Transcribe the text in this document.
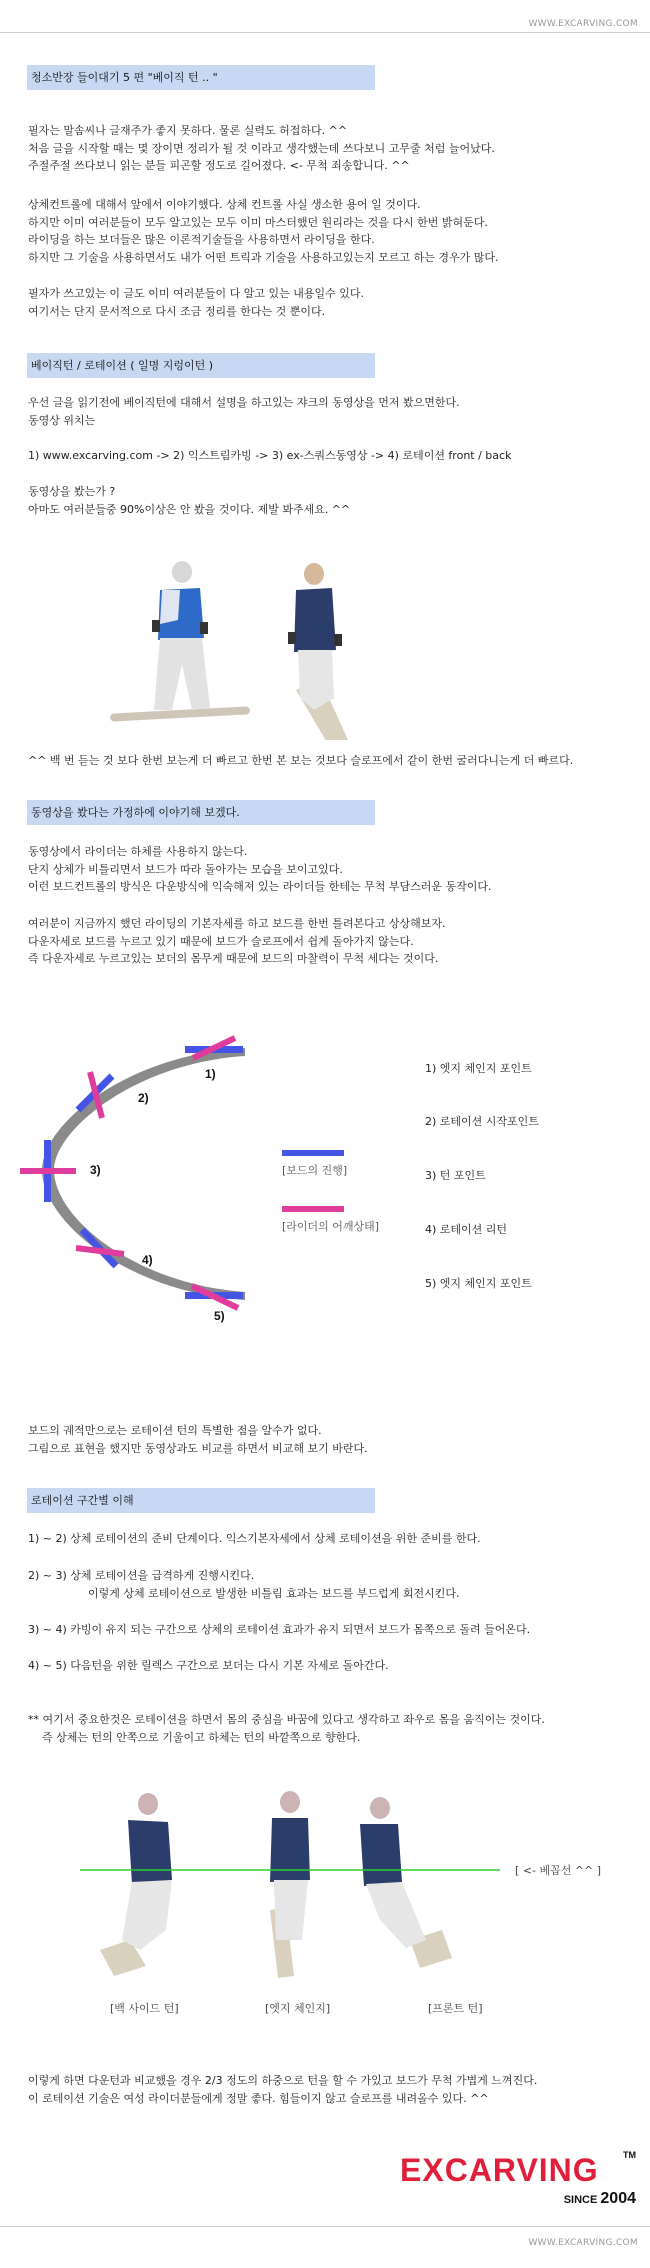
WWW.EXCARVING.COM
청소반장 들이대기 5 편 "베이직 턴 .. "
필자는 말솜씨나 글재주가 좋지 못하다. 물론 실력도 허접하다. ^^
처음 글을 시작할 때는 몇 장이면 정리가 될 것 이라고 생각했는데 쓰다보니 고무줄 처럼 늘어났다.
주절주절 쓰다보니 읽는 분들 피곤할 정도로 길어졌다. <- 무척 죄송합니다. ^^
상체컨트롤에 대해서 앞에서 이야기했다. 상체 컨트롤 사실 생소한 용어 일 것이다.
하지만 이미 여러분들이 모두 알고있는 모두 이미 마스터했던 원리라는 것을 다시 한번 밝혀둔다.
라이딩을 하는 보더들은 많은 이론적기술들을 사용하면서 라이딩을 한다.
하지만 그 기술을 사용하면서도 내가 어떤 트릭과 기술을 사용하고있는지 모르고 하는 경우가 많다.
필자가 쓰고있는 이 글도 이미 여러분들이 다 알고 있는 내용일수 있다.
여기서는 단지 문서적으로 다시 조금 정리를 한다는 것 뿐이다.
베이직턴 / 로테이션 ( 일명 지렁이턴 )
우선 글을 읽기전에 베이직턴에 대해서 설명을 하고있는 쟈크의 동영상을 먼저 봤으면한다.
동영상 위치는
1) www.excarving.com -> 2) 익스트림카빙 -> 3) ex-스쿼스동영상 -> 4) 로테이션 front / back
동영상을 봤는가 ?
아마도 여러분들중 90%이상은 안 봤을 것이다. 제발 봐주세요. ^^
^^ 백 번 듣는 것 보다 한번 보는게 더 빠르고 한번 본 보는 것보다 슬로프에서 같이 한번 굴러다니는게 더 빠르다.
동영상을 봤다는 가정하에 이야기해 보겠다.
동영상에서 라이더는 하체를 사용하지 않는다.
단지 상체가 비틀리면서 보드가 따라 돌아가는 모습을 보이고있다.
이런 보드컨트롤의 방식은 다운방식에 익숙해져 있는 라이더들 한테는 무척 부담스러운 동작이다.
여러분이 지금까지 했던 라이딩의 기본자세를 하고 보드를 한번 틀려본다고 상상해보자.
다운자세로 보드를 누르고 있기 때문에 보드가 슬로프에서 쉽게 돌아가지 않는다.
즉 다운자세로 누르고있는 보더의 몸무게 때문에 보드의 마찰력이 무척 세다는 것이다.
1)
2)
3)
4)
5)
[보드의 진행]
[라이더의 어깨상태]
1) 엣지 체인지 포인트
2) 로테이션 시작포인트
3) 턴 포인트
4) 로테이션 리턴
5) 엣지 체인지 포인트
보드의 궤적만으로는 로테이션 턴의 특별한 점을 알수가 없다.
그림으로 표현을 했지만 동영상과도 비교를 하면서 비교해 보기 바란다.
로테이션 구간별 이해
1) ~ 2) 상체 로테이션의 준비 단계이다. 익스기본자세에서 상체 로테이션을 위한 준비를 한다.
2) ~ 3) 상체 로테이션을 급격하게 진행시킨다.
이렇게 상체 로테이션으로 발생한 비틀림 효과는 보드를 부드럽게 회전시킨다.
3) ~ 4) 카빙이 유지 되는 구간으로 상체의 로테이션 효과가 유지 되면서 보드가 몸쪽으로 돌려 들어온다.
4) ~ 5) 다음턴을 위한 릴렉스 구간으로 보더는 다시 기본 자세로 돌아간다.
** 여기서 중요한것은 로테이션을 하면서 몸의 중심을 바꿈에 있다고 생각하고 좌우로 몸을 움직이는 것이다.
즉 상체는 턴의 안쪽으로 기울이고 하체는 턴의 바깥쪽으로 향한다.
[ <- 베꼽선 ^^ ]
[백 사이드 턴]	[엣지 체인지]	[프론트 턴]
이렇게 하면 다운턴과 비교했을 경우 2/3 정도의 하중으로 턴을 할 수 가있고 보드가 무척 가볍게 느껴진다.
이 로테이션 기술은 여성 라이더분들에게 정말 좋다. 힘들이지 않고 슬로프를 내려올수 있다. ^^
EXCARVING	TM
SINCE 2004
WWW.EXCARVING.COM
